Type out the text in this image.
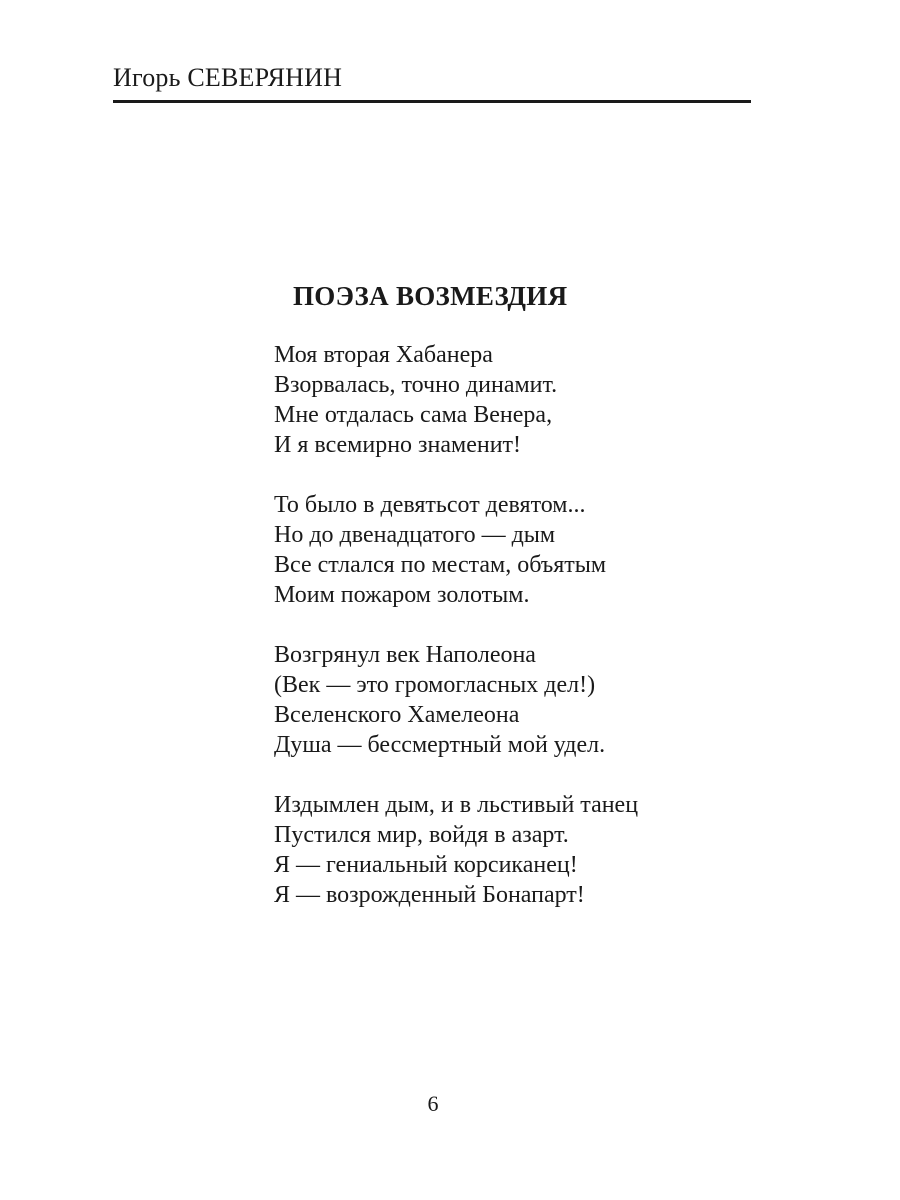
Игорь СЕВЕРЯНИН
ПОЭЗА ВОЗМЕЗДИЯ
Моя вторая Хабанера
Взорвалась, точно динамит.
Мне отдалась сама Венера,
И я всемирно знаменит!
То было в девятьсот девятом...
Но до двенадцатого — дым
Все стлался по местам, объятым
Моим пожаром золотым.
Возгрянул век Наполеона
(Век — это громогласных дел!)
Вселенского Хамелеона
Душа — бессмертный мой удел.
Издымлен дым, и в льстивый танец
Пустился мир, войдя в азарт.
Я — гениальный корсиканец!
Я — возрожденный Бонапарт!
6
